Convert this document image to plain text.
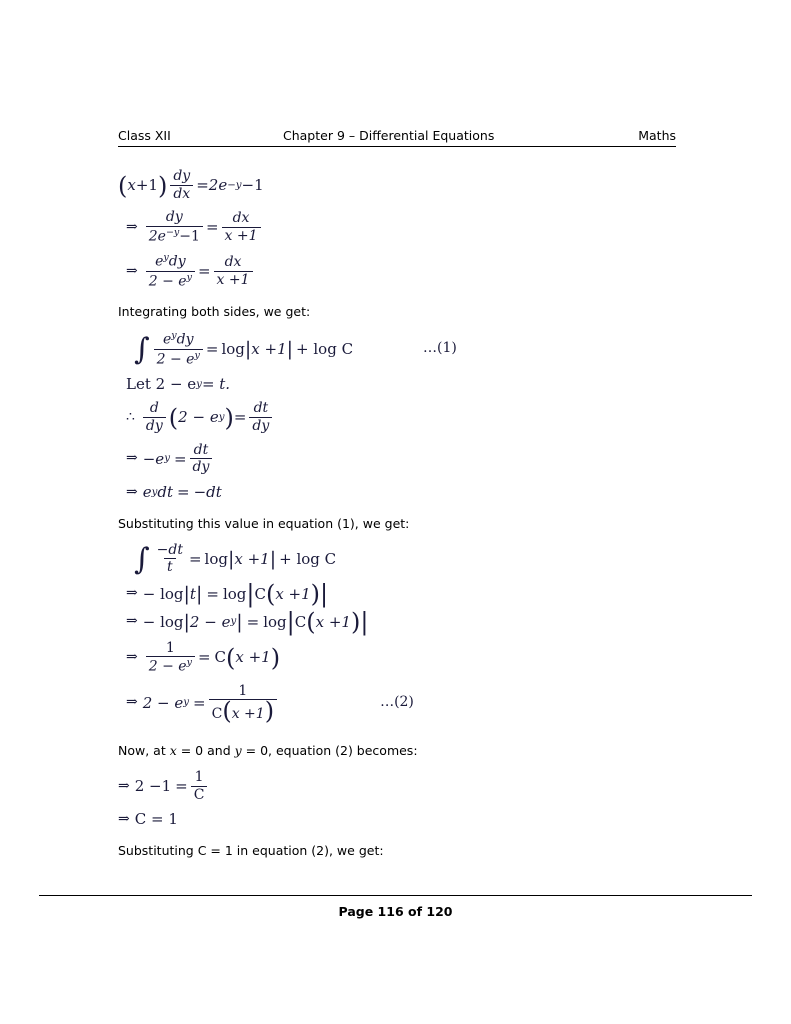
Class XII	Chapter 9 – Differential Equations	Maths
( x +1 ) $\frac{dy}{dx} = 2e -y -1$
⇒ $\frac{dy}{2e^{-y}-1} = \frac{dx}{x +1}$
⇒ $\frac{e^ydy}{2 - e^y} = \frac{dx}{x +1}$

Integrating both sides, we get:

∫ $\frac{e^ydy}{2 - e^y} = \log$ | x +1 | + log C	…(1)
Let 2 − e y = t.
∴ $\frac{d}{dy}$ ( 2 − e y ) = $\frac{dt}{dy}$
⇒ −e $y = \frac{dt}{dy}$
⇒ e y dt = −dt

Substituting this value in equation (1), we get:

∫ $\frac{-dt}{t} = \log$ | x +1 | + log C
⇒ − log | t | = log | C ( x +1 ) |
⇒ − log | 2 − e y | = log | C ( x +1 ) |
⇒ $\frac{1}{2 - e^y} = C$ ( x +1 )
⇒ 2 − e $y = \frac{1}{C(x +1)}$	…(2)

Now, at x = 0 and y = 0, equation (2) becomes:

⇒ $2 -1 = \frac{1}{C}$
⇒ C = 1

Substituting C = 1 in equation (2), we get:

Page 116 of 120
